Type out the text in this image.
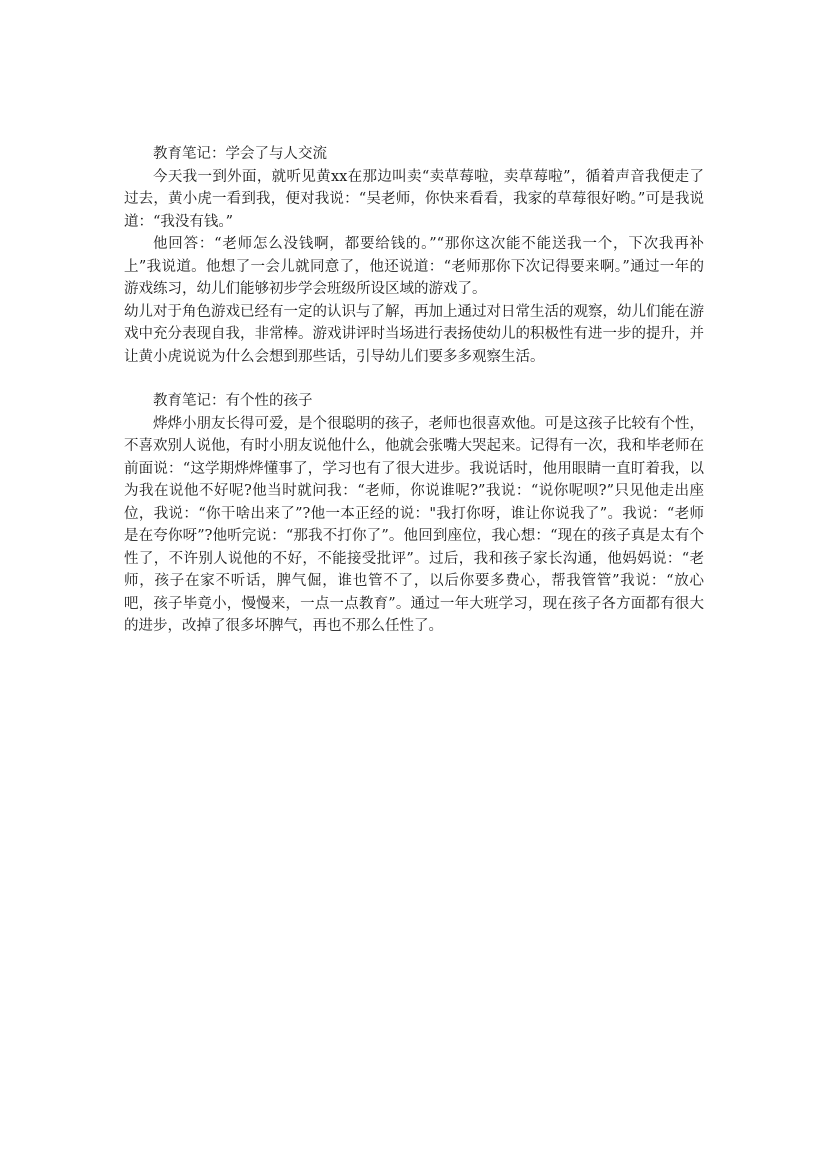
教育笔记：学会了与人交流

今天我一到外面，就听见黄xx在那边叫卖“卖草莓啦，卖草莓啦”，循着声音我便走了过去，黄小虎一看到我，便对我说：“吴老师，你快来看看，我家的草莓很好哟。”可是我说道：“我没有钱。”

他回答：“老师怎么没钱啊，都要给钱的。”“那你这次能不能送我一个，下次我再补上”我说道。他想了一会儿就同意了，他还说道：“老师那你下次记得要来啊。”通过一年的游戏练习，幼儿们能够初步学会班级所设区域的游戏了。

幼儿对于角色游戏已经有一定的认识与了解，再加上通过对日常生活的观察，幼儿们能在游戏中充分表现自我，非常棒。游戏讲评时当场进行表扬使幼儿的积极性有进一步的提升，并让黄小虎说说为什么会想到那些话，引导幼儿们要多多观察生活。

教育笔记：有个性的孩子

烨烨小朋友长得可爱，是个很聪明的孩子，老师也很喜欢他。可是这孩子比较有个性，不喜欢别人说他，有时小朋友说他什么，他就会张嘴大哭起来。记得有一次，我和毕老师在前面说：“这学期烨烨懂事了，学习也有了很大进步。我说话时，他用眼睛一直盯着我，以为我在说他不好呢?他当时就问我：“老师，你说谁呢?”我说：“说你呢呗?”只见他走出座位，我说：“你干啥出来了”?他一本正经的说："我打你呀，谁让你说我了”。我说：“老师是在夸你呀”?他听完说：“那我不打你了”。他回到座位，我心想：“现在的孩子真是太有个性了，不许别人说他的不好，不能接受批评”。过后，我和孩子家长沟通，他妈妈说：“老师，孩子在家不听话，脾气倔，谁也管不了，以后你要多费心，帮我管管”我说：“放心吧，孩子毕竟小，慢慢来，一点一点教育”。通过一年大班学习，现在孩子各方面都有很大的进步，改掉了很多坏脾气，再也不那么任性了。
